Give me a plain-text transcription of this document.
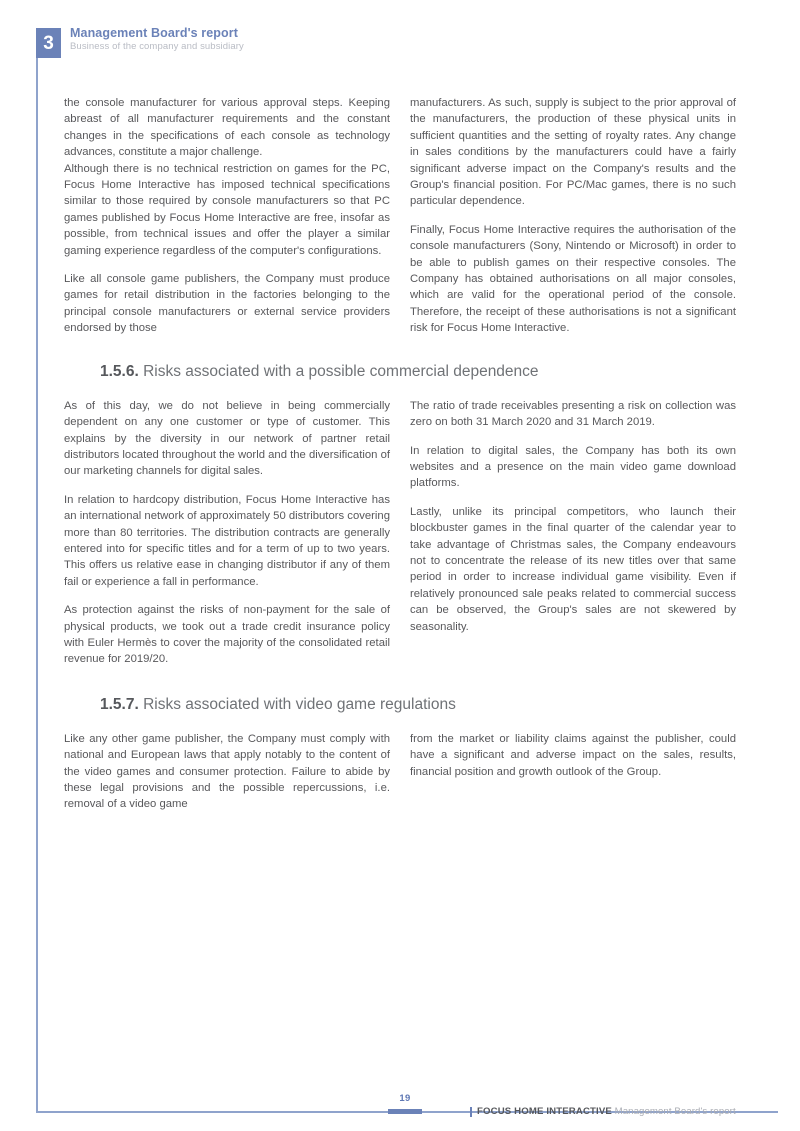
3	Management Board's report
Business of the company and subsidiary

the console manufacturer for various approval steps. Keeping abreast of all manufacturer requirements and the constant changes in the specifications of each console as technology advances, constitute a major challenge.

Although there is no technical restriction on games for the PC, Focus Home Interactive has imposed technical specifications similar to those required by console manufacturers so that PC games published by Focus Home Interactive are free, insofar as possible, from technical issues and offer the player a similar gaming experience regardless of the computer's configurations.

Like all console game publishers, the Company must produce games for retail distribution in the factories belonging to the principal console manufacturers or external service providers endorsed by those

manufacturers. As such, supply is subject to the prior approval of the manufacturers, the production of these physical units in sufficient quantities and the setting of royalty rates. Any change in sales conditions by the manufacturers could have a fairly significant adverse impact on the Company's results and the Group's financial position. For PC/Mac games, there is no such particular dependence.

Finally, Focus Home Interactive requires the authorisation of the console manufacturers (Sony, Nintendo or Microsoft) in order to be able to publish games on their respective consoles. The Company has obtained authorisations on all major consoles, which are valid for the operational period of the console. Therefore, the receipt of these authorisations is not a significant risk for Focus Home Interactive.

1.5.6. Risks associated with a possible commercial dependence

As of this day, we do not believe in being commercially dependent on any one customer or type of customer. This explains by the diversity in our network of partner retail distributors located throughout the world and the diversification of our marketing channels for digital sales.

In relation to hardcopy distribution, Focus Home Interactive has an international network of approximately 50 distributors covering more than 80 territories. The distribution contracts are generally entered into for specific titles and for a term of up to two years. This offers us relative ease in changing distributor if any of them fail or experience a fall in performance.

As protection against the risks of non-payment for the sale of physical products, we took out a trade credit insurance policy with Euler Hermès to cover the majority of the consolidated retail revenue for 2019/20.

The ratio of trade receivables presenting a risk on collection was zero on both 31 March 2020 and 31 March 2019.

In relation to digital sales, the Company has both its own websites and a presence on the main video game download platforms.

Lastly, unlike its principal competitors, who launch their blockbuster games in the final quarter of the calendar year to take advantage of Christmas sales, the Company endeavours not to concentrate the release of its new titles over that same period in order to increase individual game visibility. Even if relatively pronounced sale peaks related to commercial success can be observed, the Group's sales are not skewered by seasonality.

1.5.7. Risks associated with video game regulations

Like any other game publisher, the Company must comply with national and European laws that apply notably to the content of the video games and consumer protection. Failure to abide by these legal provisions and the possible repercussions, i.e. removal of a video game

from the market or liability claims against the publisher, could have a significant and adverse impact on the sales, results, financial position and growth outlook of the Group.

19
FOCUS HOME INTERACTIVE Management Board's report
